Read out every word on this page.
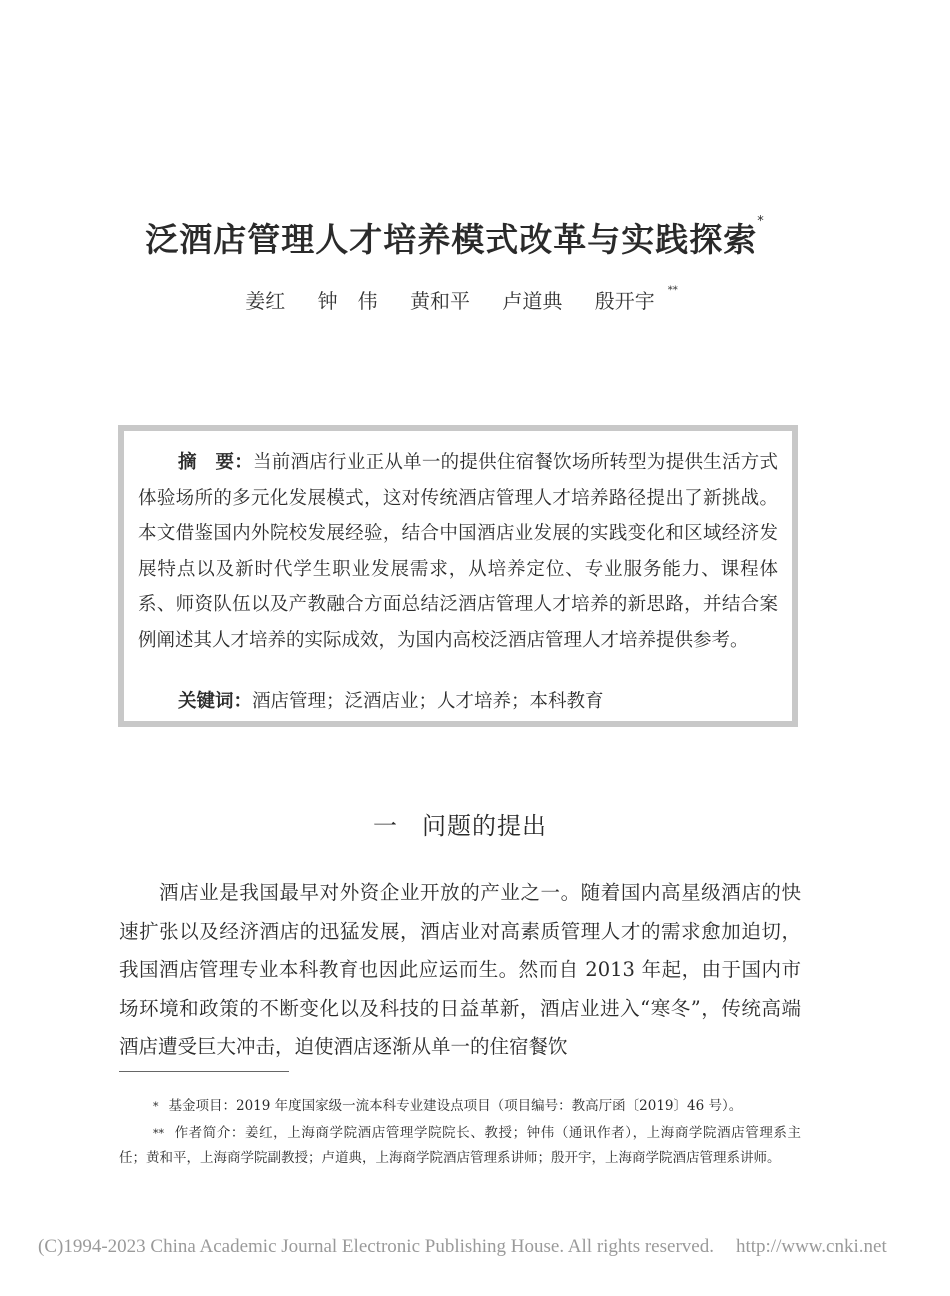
泛酒店管理人才培养模式改革与实践探索*
姜红 钟　伟 黄和平 卢道典 殷开宇 **
摘　要：当前酒店行业正从单一的提供住宿餐饮场所转型为提供生活方式体验场所的多元化发展模式，这对传统酒店管理人才培养路径提出了新挑战。本文借鉴国内外院校发展经验，结合中国酒店业发展的实践变化和区域经济发展特点以及新时代学生职业发展需求，从培养定位、专业服务能力、课程体系、师资队伍以及产教融合方面总结泛酒店管理人才培养的新思路，并结合案例阐述其人才培养的实际成效，为国内高校泛酒店管理人才培养提供参考。
关键词：酒店管理；泛酒店业；人才培养；本科教育
一 问题的提出
酒店业是我国最早对外资企业开放的产业之一。随着国内高星级酒店的快速扩张以及经济酒店的迅猛发展，酒店业对高素质管理人才的需求愈加迫切，我国酒店管理专业本科教育也因此应运而生。然而自 2013 年起，由于国内市场环境和政策的不断变化以及科技的日益革新，酒店业进入“寒冬”，传统高端酒店遭受巨大冲击，迫使酒店逐渐从单一的住宿餐饮

* 基金项目：2019 年度国家级一流本科专业建设点项目（项目编号：教高厅函〔2019〕46 号）。

** 作者简介：姜红，上海商学院酒店管理学院院长、教授；钟伟（通讯作者），上海商学院酒店管理系主任；黄和平，上海商学院副教授；卢道典，上海商学院酒店管理系讲师；殷开宇，上海商学院酒店管理系讲师。

(C)1994-2023 China Academic Journal Electronic Publishing House. All rights reserved. http://www.cnki.net
